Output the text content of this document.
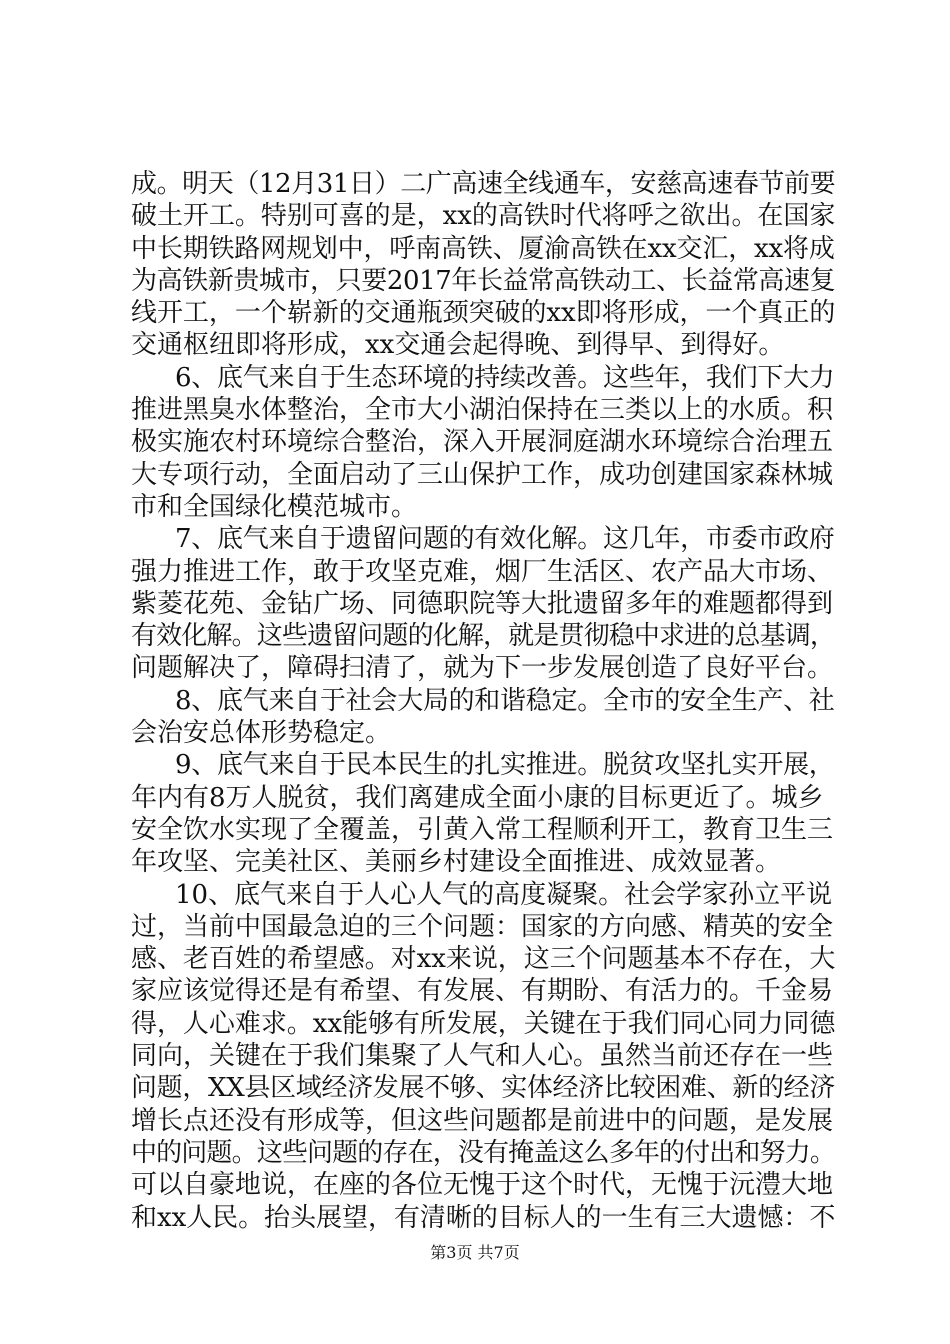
成。明天（12月31日）二广高速全线通车，安慈高速春节前要
破土开工。特别可喜的是，xx的高铁时代将呼之欲出。在国家
中长期铁路网规划中，呼南高铁、厦渝高铁在xx交汇，xx将成
为高铁新贵城市，只要2017年长益常高铁动工、长益常高速复
线开工，一个崭新的交通瓶颈突破的xx即将形成，一个真正的
交通枢纽即将形成，xx交通会起得晚、到得早、到得好。
6、底气来自于生态环境的持续改善。这些年，我们下大力
推进黑臭水体整治，全市大小湖泊保持在三类以上的水质。积
极实施农村环境综合整治，深入开展洞庭湖水环境综合治理五
大专项行动，全面启动了三山保护工作，成功创建国家森林城
市和全国绿化模范城市。
7、底气来自于遗留问题的有效化解。这几年，市委市政府
强力推进工作，敢于攻坚克难，烟厂生活区、农产品大市场、
紫菱花苑、金钻广场、同德职院等大批遗留多年的难题都得到
有效化解。这些遗留问题的化解，就是贯彻稳中求进的总基调，
问题解决了，障碍扫清了，就为下一步发展创造了良好平台。
8、底气来自于社会大局的和谐稳定。全市的安全生产、社
会治安总体形势稳定。
9、底气来自于民本民生的扎实推进。脱贫攻坚扎实开展，
年内有8万人脱贫，我们离建成全面小康的目标更近了。城乡
安全饮水实现了全覆盖，引黄入常工程顺利开工，教育卫生三
年攻坚、完美社区、美丽乡村建设全面推进、成效显著。
10、底气来自于人心人气的高度凝聚。社会学家孙立平说
过，当前中国最急迫的三个问题：国家的方向感、精英的安全
感、老百姓的希望感。对xx来说，这三个问题基本不存在，大
家应该觉得还是有希望、有发展、有期盼、有活力的。千金易
得，人心难求。xx能够有所发展，关键在于我们同心同力同德
同向，关键在于我们集聚了人气和人心。虽然当前还存在一些
问题，XX县区域经济发展不够、实体经济比较困难、新的经济
增长点还没有形成等，但这些问题都是前进中的问题，是发展
中的问题。这些问题的存在，没有掩盖这么多年的付出和努力。
可以自豪地说，在座的各位无愧于这个时代，无愧于沅澧大地
和xx人民。抬头展望，有清晰的目标人的一生有三大遗憾：不
第3页 共7页
